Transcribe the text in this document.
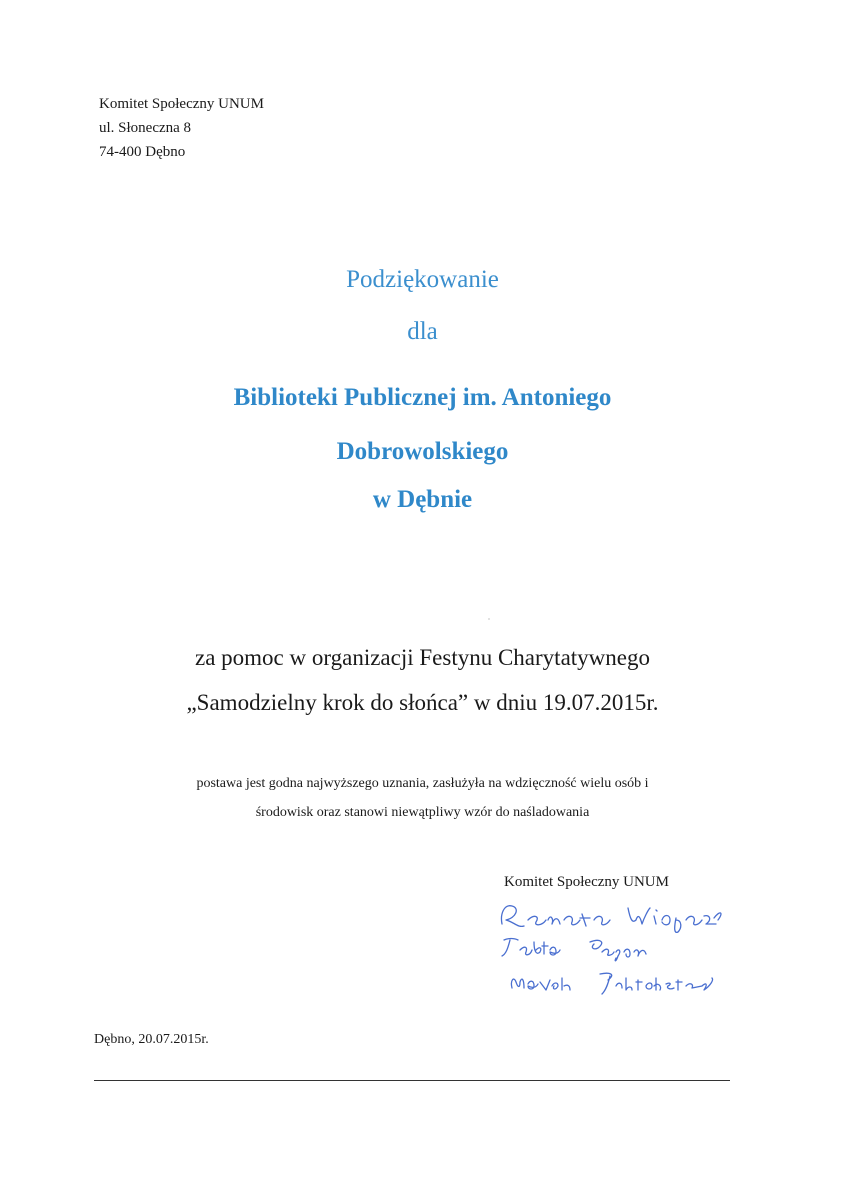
Komitet Społeczny UNUM
ul. Słoneczna 8
74-400 Dębno
Podziękowanie
dla
Biblioteki Publicznej im. Antoniego
Dobrowolskiego
w Dębnie
za pomoc w organizacji Festynu Charytatywnego
„Samodzielny krok do słońca” w dniu 19.07.2015r.
postawa jest godna najwyższego uznania, zasłużyła na wdzięczność wielu osób i
środowisk oraz stanowi niewątpliwy wzór do naśladowania
Komitet Społeczny UNUM
Dębno, 20.07.2015r.
